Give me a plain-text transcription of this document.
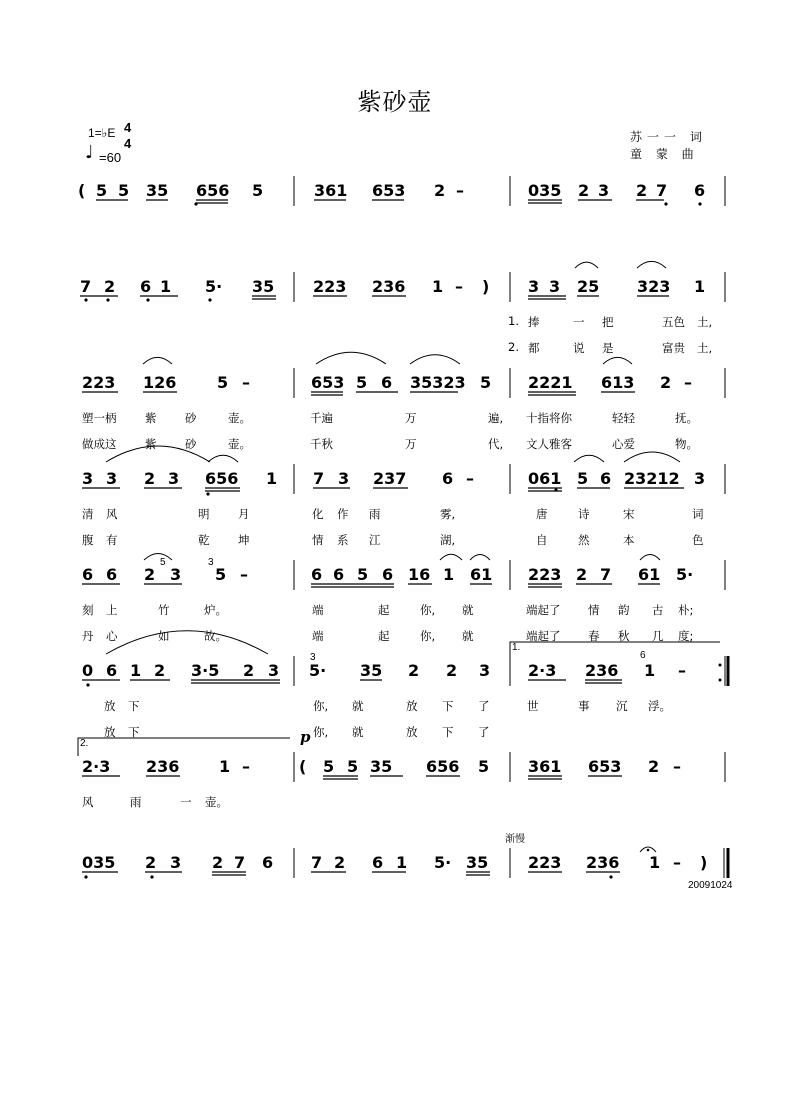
紫砂壶
1=♭E 4
4
♩ =60
苏一一 词
童 蒙 曲
( 5 5 35 656 5	361 653 2 –	035 2 3 2 7 6
7 2 6 1 5· 35 223 236 1 – ) 3 3 25 323 1
223 126	5 –	653 5 6 35323 5 2221 613 2 –
3 3 2 3 656 1 7 3 237 6 –	061 5 6 23212 3
6 6 2 3 5 –	6 6 5 6 16 1 61 223 2 7 61 5·
0 6 1 2 3·5 2 3 5· 35 2 2 3 2·3 236 1 –
2·3 236 1 –	( 5 5 35 656 5 361 653 2 –
035 2 3 2 7 6 7 2 6 1 5· 35 223 236 1 – )
1. 捧	一 把	五色 土,
2. 都	说 是	富贵 土,
塑一柄 紫 砂	壶。	千遍	万	遍, 十指将你	轻轻	抚。
做成这 紫 砂	壶。	千秋	万	代, 文人雅客	心爱	物。
清 风	明 月	化 作 雨	雾,	唐	诗	宋	词
腹 有	乾 坤	情 系 江	湖,	自	然	本	色
刻 上	竹	炉。	端	起	你, 就	端起了 情 韵 古 朴;
丹 心	如	故。	端	起	你, 就	端起了 春 秋 几 度;
放 下	你, 就	放 下 了	世	事 沉 浮。
放 下	你, 就	放 下 了
风	雨	一 壶。
5	3
3	6
渐慢
20091024
p
1.
2.
